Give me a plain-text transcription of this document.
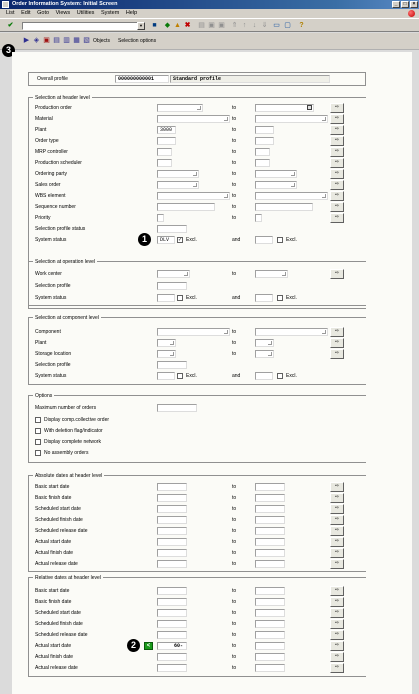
Order Information System: Initial Screen	_	□	×
List Edit Goto Views Utilities System Help
✔	▼	■	◆ ▲ ✖ ▤ ▣ ▣ ⇑ ↑ ↓ ⇓ ▭ ▢	?
▶ ◈ ▣ ▤ ▥ ▦ ▧ Objects Selection options
3
Overall profile	000000000001	Standard profile
Selection at header level
Production order	to	⇨
Material	to	⇨
Plant	3000	to	⇨
Order type	to	⇨
MRP controller	to	⇨
Production scheduler	to	⇨
Ordering party	to	⇨
Sales order	to	⇨
WBS element	to	⇨
Sequence number	to	⇨
Priority	to	⇨
Selection profile status
System status	1	DLV	✓ Excl.	and	Excl.
Selection at operation level
Work center	to	⇨
Selection profile
System status	Excl.	and	Excl.
Selection at component level
Component	to	⇨
Plant	to	⇨
Storage location	to	⇨
Selection profile
System status	Excl.	and	Excl.
Options
Maximum number of orders
Display comp.collective order
With deletion flag/indicator
Display complete network
No assembly orders
Absolute dates at header level
Basic start date	to	⇨
Basic finish date	to	⇨
Scheduled start date	to	⇨
Scheduled finish date	to	⇨
Scheduled release date	to	⇨
Actual start date	to	⇨
Actual finish date	to	⇨
Actual release date	to	⇨
Relative dates at header level
Basic start date	to	⇨
Basic finish date	to	⇨
Scheduled start date	to	⇨
Scheduled finish date	to	⇨
Scheduled release date	to	⇨
Actual start date	2	<	60-	to	⇨
Actual finish date	to	⇨
Actual release date	to	⇨
